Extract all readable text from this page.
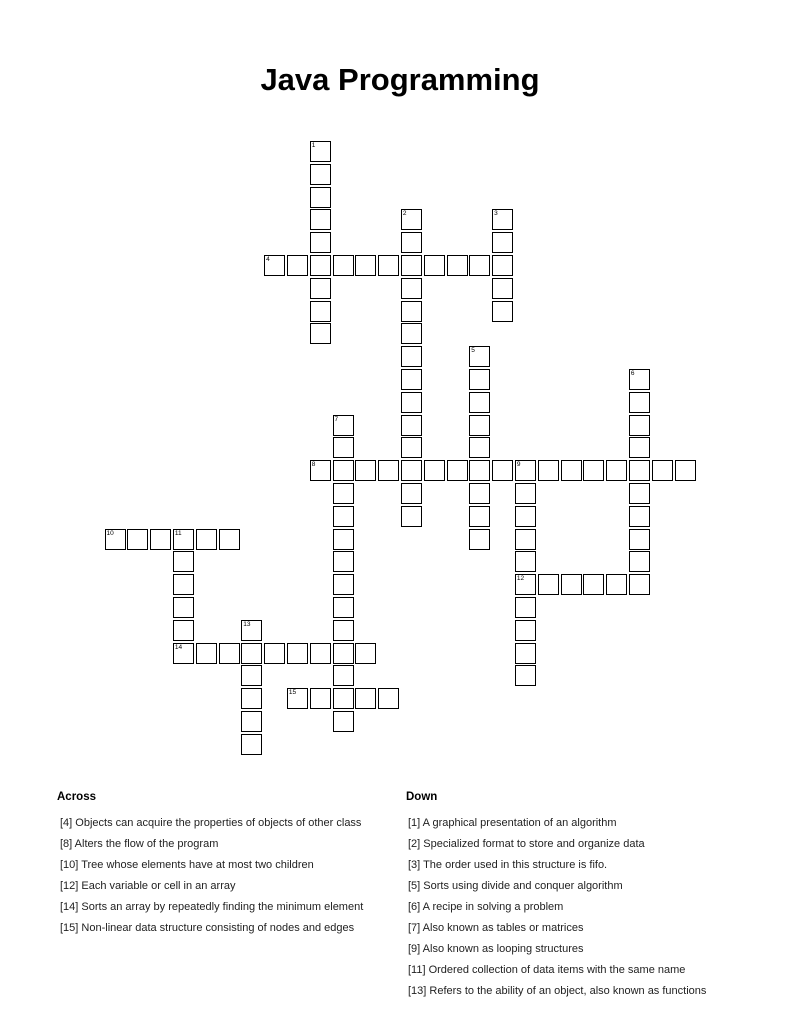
Java Programming
1
2	3
4
5
6
7
8	9
12
10	11
14
13
15
Across	Down

[4] Objects can acquire the properties of objects of other class

[8] Alters the flow of the program

[10] Tree whose elements have at most two children

[12] Each variable or cell in an array

[14] Sorts an array by repeatedly finding the minimum element

[15] Non-linear data structure consisting of nodes and edges

[1] A graphical presentation of an algorithm

[2] Specialized format to store and organize data

[3] The order used in this structure is fifo.

[5] Sorts using divide and conquer algorithm

[6] A recipe in solving a problem

[7] Also known as tables or matrices

[9] Also known as looping structures

[11] Ordered collection of data items with the same name

[13] Refers to the ability of an object, also known as functions
